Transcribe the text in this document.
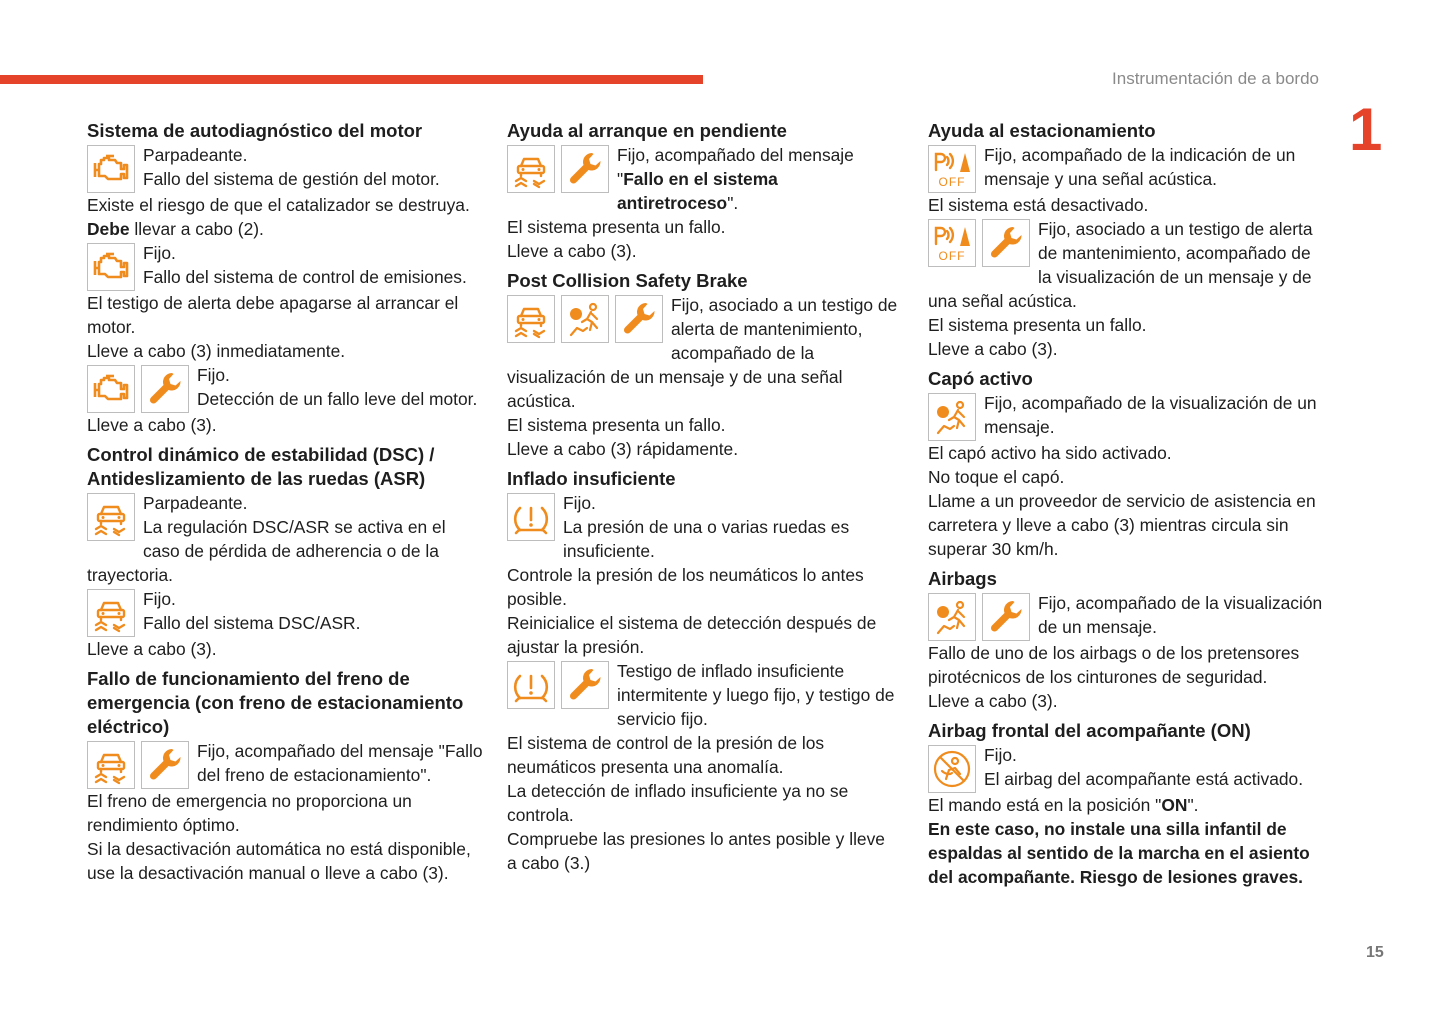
Instrumentación de a bordo
1
15
Sistema de autodiagnóstico del motor

Parpadeante.

Fallo del sistema de gestión del motor.

Existe el riesgo de que el catalizador se destruya.

Debe llevar a cabo (2).

Fijo.

Fallo del sistema de control de emisiones.

El testigo de alerta debe apagarse al arrancar el motor.

Lleve a cabo (3) inmediatamente.

Fijo.

Detección de un fallo leve del motor.

Lleve a cabo (3).

Control dinámico de estabilidad (DSC) / Antideslizamiento de las ruedas (ASR)

Parpadeante.

La regulación DSC/ASR se activa en el caso de pérdida de adherencia o de la trayectoria.

Fijo.

Fallo del sistema DSC/ASR.

Lleve a cabo (3).

Fallo de funcionamiento del freno de emergencia (con freno de estacionamiento eléctrico)

Fijo, acompañado del mensaje "Fallo del freno de estacionamiento".

El freno de emergencia no proporciona un rendimiento óptimo.

Si la desactivación automática no está disponible, use la desactivación manual o lleve a cabo (3).

Ayuda al arranque en pendiente

Fijo, acompañado del mensaje "Fallo en el sistema antiretroceso".

El sistema presenta un fallo.

Lleve a cabo (3).

Post Collision Safety Brake

Fijo, asociado a un testigo de alerta de mantenimiento, acompañado de la visualización de un mensaje y de una señal acústica.

El sistema presenta un fallo.

Lleve a cabo (3) rápidamente.

Inflado insuficiente

Fijo.

La presión de una o varias ruedas es insuficiente.

Controle la presión de los neumáticos lo antes posible.

Reinicialice el sistema de detección después de ajustar la presión.

Testigo de inflado insuficiente intermitente y luego fijo, y testigo de servicio fijo.

El sistema de control de la presión de los neumáticos presenta una anomalía.

La detección de inflado insuficiente ya no se controla.

Compruebe las presiones lo antes posible y lleve a cabo (3.)

Ayuda al estacionamiento
OFF

Fijo, acompañado de la indicación de un mensaje y una señal acústica.

El sistema está desactivado.

OFF

Fijo, asociado a un testigo de alerta de mantenimiento, acompañado de la visualización de un mensaje y de una señal acústica.

El sistema presenta un fallo.

Lleve a cabo (3).

Capó activo

Fijo, acompañado de la visualización de un mensaje.

El capó activo ha sido activado.

No toque el capó.

Llame a un proveedor de servicio de asistencia en carretera y lleve a cabo (3) mientras circula sin superar 30 km/h.

Airbags

Fijo, acompañado de la visualización de un mensaje.

Fallo de uno de los airbags o de los pretensores pirotécnicos de los cinturones de seguridad.

Lleve a cabo (3).

Airbag frontal del acompañante (ON)

Fijo.

El airbag del acompañante está activado.

El mando está en la posición "ON".

En este caso, no instale una silla infantil de espaldas al sentido de la marcha en el asiento del acompañante. Riesgo de lesiones graves.
